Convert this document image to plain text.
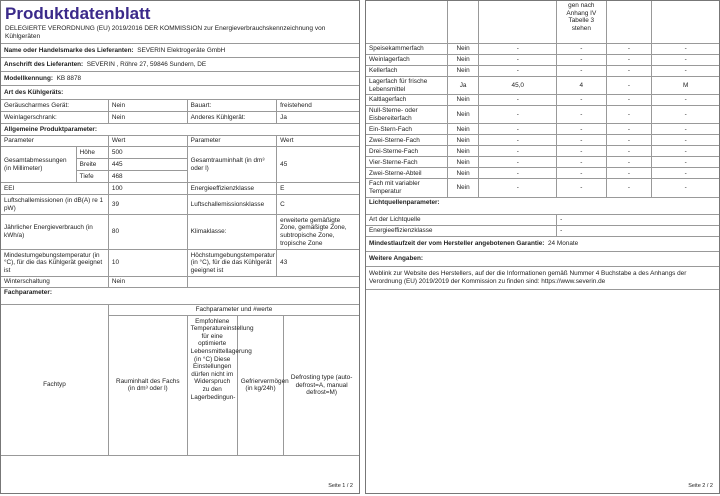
Produktdatenblatt
DELEGIERTE VERORDNUNG (EU) 2019/2016 DER KOMMISSION zur Energieverbrauchskennzeichnung von Kühlgeräten
Name oder Handelsmarke des Lieferanten: SEVERIN Elektrogeräte GmbH
Anschrift des Lieferanten: SEVERIN , Röhre 27, 59846 Sundern, DE
Modellkennung: KB 8878
Art des Kühlgeräts:
Geräuscharmes Gerät:	Nein	Bauart:	freistehend
Weinlagerschrank:	Nein	Anderes Kühlgerät:	Ja
Allgemeine Produktparameter:
Parameter		Wert	Parameter	Wert
Gesamtabmessungen (in Millimeter)	Höhe	500	Gesamtrauminhalt (in dm³ oder l)	45
	Breite	445		
	Tiefe	468		
EEI		100	Energieeffizienzklasse	E
Luftschallemissionen (in dB(A) re 1 pW)		39	Luftschallemissionsklasse	C
Jährlicher Energieverbrauch (in kWh/a)		80	Klimaklasse:	erweiterte gemäßigte Zone, gemäßigte Zone, subtropische Zone, tropische Zone
Mindestumgebungstemperatur (in °C), für die das Kühlgerät geeignet ist		10	Höchstumgebungstemperatur (in °C), für die das Kühlgerät geeignet ist	43
Winterschaltung		Nein		
Fachparameter:				
	Fachparameter und #werte			
Fachtyp	Rauminhalt des Fachs (in dm³ oder l)	Empfohlene Temperatureinstellung für eine optimierte Lebensmittellagerung (in °C) Diese Einstellungen dürfen nicht im Widerspruch zu den Lagerbedingun-	Gefriervermögen (in kg/24h)	Defrosting type (auto-defrost=A, manual defrost=M)
Seite 1 / 2
			gen nach Anhang IV Tabelle 3 stehen		
Speisekammerfach	Nein	-	-	-	-
Weinlagerfach	Nein	-	-	-	-
Kellerfach	Nein	-	-	-	-
Lagerfach für frische Lebensmittel	Ja	45,0	4	-	M
Kaltlagerfach	Nein	-	-	-	-
Null-Sterne- oder Eisbereiterfach	Nein	-	-	-	-
Ein-Stern-Fach	Nein	-	-	-	-
Zwei-Sterne-Fach	Nein	-	-	-	-
Drei-Sterne-Fach	Nein	-	-	-	-
Vier-Sterne-Fach	Nein	-	-	-	-
Zwei-Sterne-Abteil	Nein	-	-	-	-
Fach mit variabler Temperatur	Nein	-	-	-	-
Lichtquellenparameter:	
Art der Lichtquelle	-
Energieeffizienzklasse	-
Mindestlaufzeit der vom Hersteller angebotenen Garantie: 24 Monate	
Weitere Angaben:	
Weblink zur Website des Herstellers, auf der die Informationen gemäß Nummer 4 Buchstabe a des Anhangs der Verordnung (EU) 2019/2019 der Kommission zu finden sind: https://www.severin.de	
Seite 2 / 2
